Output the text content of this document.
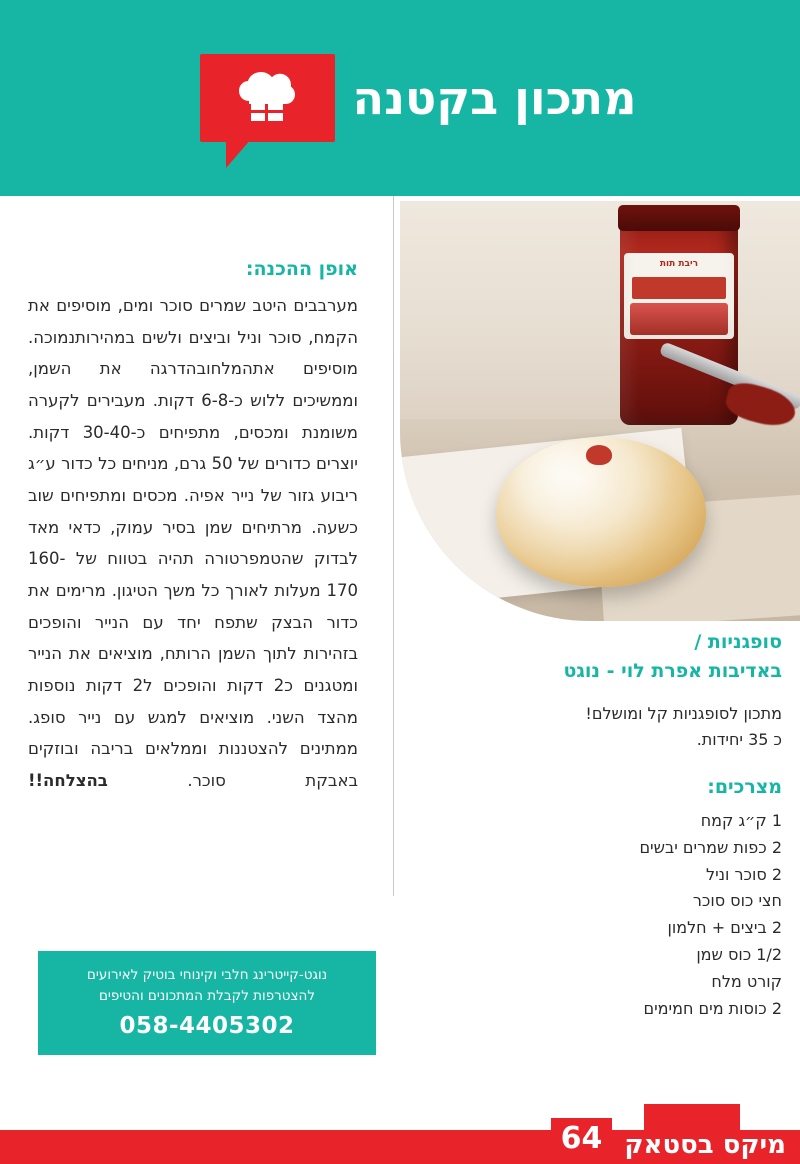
מתכון בקטנה
ריבת תות
סופגניות /
באדיבות אפרת לוי - נוגט
מתכון לסופגניות קל ומושלם!
כ 35 יחידות.
מצרכים:
1 ק״ג קמח
2 כפות שמרים יבשים
2 סוכר וניל
חצי כוס סוכר
2 ביצים + חלמון
1/2 כוס שמן
קורט מלח
2 כוסות מים חמימים
אופן ההכנה:

מערבבים היטב שמרים סוכר ומים, מוסיפים את הקמח, סוכר וניל וביצים ולשים במהירותנמוכה. מוסיפים אתהמלחובהדרגה את השמן, וממשיכים ללוש כ-6-8 דקות. מעבירים לקערה משומנת ומכסים, מתפיחים כ-30-40 דקות. יוצרים כדורים של 50 גרם, מניחים כל כדור ע״ג ריבוע גזור של נייר אפיה. מכסים ומתפיחים שוב כשעה. מרתיחים שמן בסיר עמוק, כדאי מאד לבדוק שהטמפרטורה תהיה בטווח של 160-170 מעלות לאורך כל משך הטיגון. מרימים את כדור הבצק שתפח יחד עם הנייר והופכים בזהירות לתוך השמן הרותח, מוציאים את הנייר ומטגנים כ2 דקות והופכים ל2 דקות נוספות מהצד השני. מוציאים למגש עם נייר סופג. ממתינים להצטננות וממלאים בריבה ובוזקים באבקת סוכר. בהצלחה!!

נוגט-קייטרינג חלבי וקינוחי בוטיק לאירועים
להצטרפות לקבלת המתכונים והטיפים
058-4405302
מיקס בסטאק
64
